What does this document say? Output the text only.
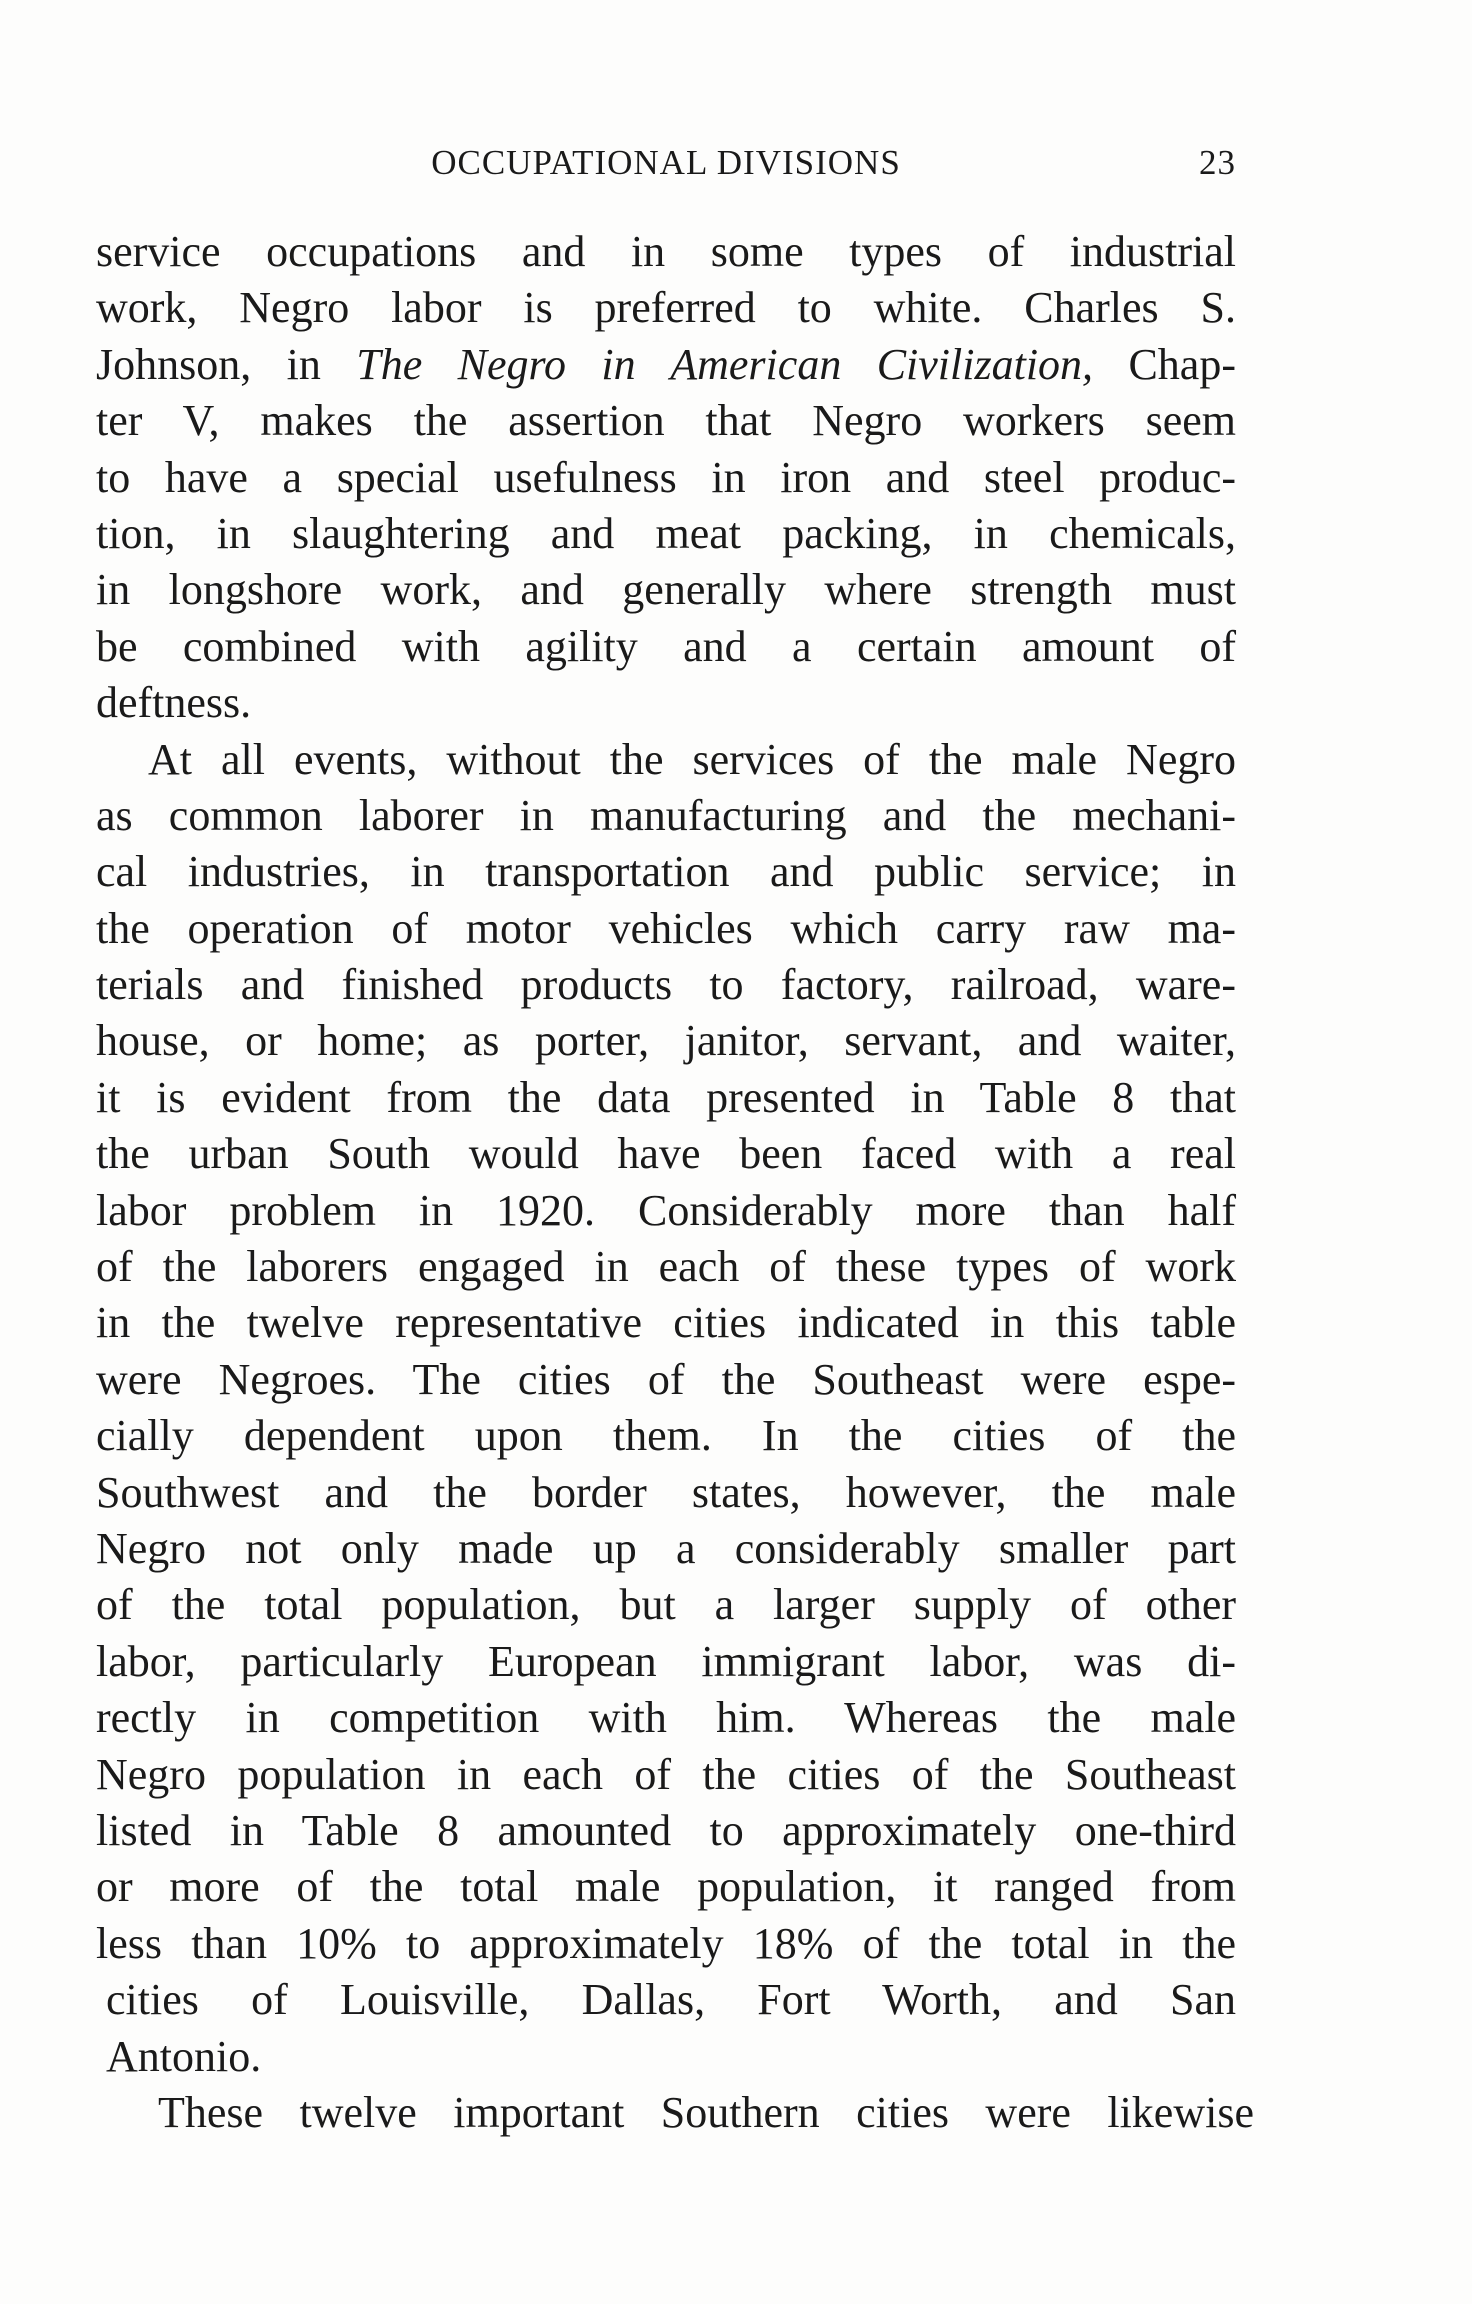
OCCUPATIONAL DIVISIONS	23
service occupations and in some types of industrial
work, Negro labor is preferred to white. Charles S.
Johnson, in The Negro in American Civilization, Chap-
ter V, makes the assertion that Negro workers seem
to have a special usefulness in iron and steel produc-
tion, in slaughtering and meat packing, in chemicals,
in longshore work, and generally where strength must
be combined with agility and a certain amount of
deftness.
At all events, without the services of the male Negro
as common laborer in manufacturing and the mechani-
cal industries, in transportation and public service; in
the operation of motor vehicles which carry raw ma-
terials and finished products to factory, railroad, ware-
house, or home; as porter, janitor, servant, and waiter,
it is evident from the data presented in Table 8 that
the urban South would have been faced with a real
labor problem in 1920. Considerably more than half
of the laborers engaged in each of these types of work
in the twelve representative cities indicated in this table
were Negroes. The cities of the Southeast were espe-
cially dependent upon them. In the cities of the
Southwest and the border states, however, the male
Negro not only made up a considerably smaller part
of the total population, but a larger supply of other
labor, particularly European immigrant labor, was di-
rectly in competition with him. Whereas the male
Negro population in each of the cities of the Southeast
listed in Table 8 amounted to approximately one-third
or more of the total male population, it ranged from
less than 10% to approximately 18% of the total in the
cities of Louisville, Dallas, Fort Worth, and San
Antonio.
These twelve important Southern cities were likewise
